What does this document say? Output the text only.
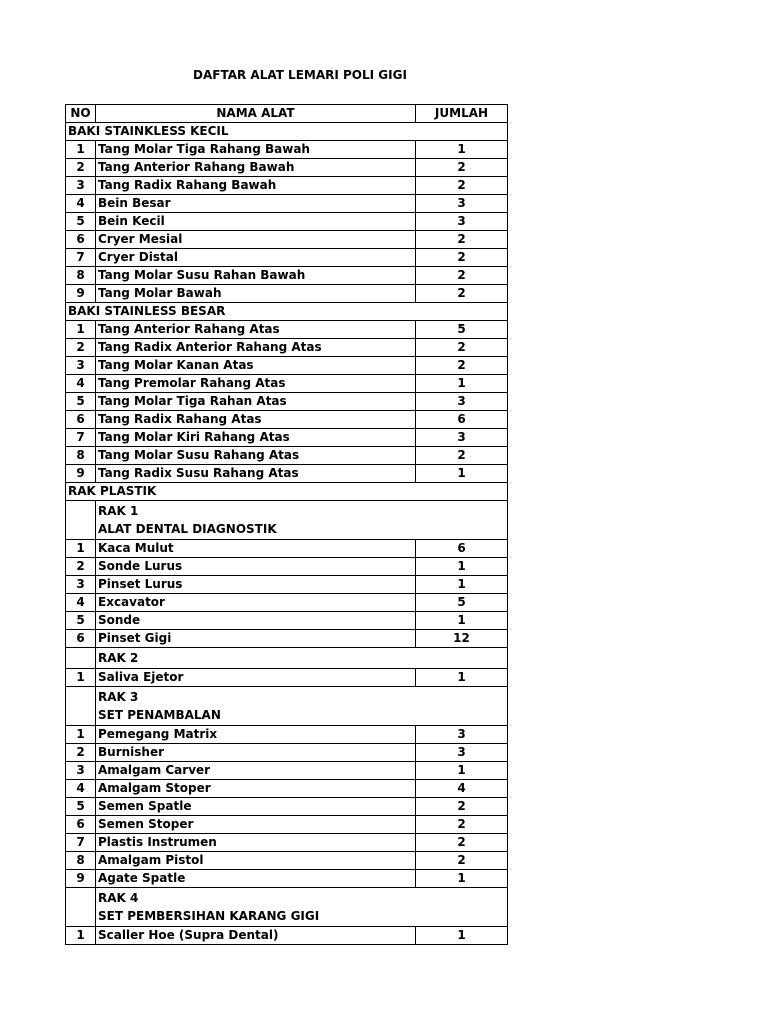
DAFTAR ALAT LEMARI POLI GIGI
NO	NAMA ALAT	JUMLAH
BAKI STAINKLESS KECIL		
1	Tang Molar Tiga Rahang Bawah	1
2	Tang Anterior Rahang Bawah	2
3	Tang Radix Rahang Bawah	2
4	Bein Besar	3
5	Bein Kecil	3
6	Cryer Mesial	2
7	Cryer Distal	2
8	Tang Molar Susu Rahan Bawah	2
9	Tang Molar Bawah	2
BAKI STAINLESS BESAR		
1	Tang Anterior Rahang Atas	5
2	Tang Radix Anterior Rahang Atas	2
3	Tang Molar Kanan Atas	2
4	Tang Premolar Rahang Atas	1
5	Tang Molar Tiga Rahan Atas	3
6	Tang Radix Rahang Atas	6
7	Tang Molar Kiri Rahang Atas	3
8	Tang Molar Susu Rahang Atas	2
9	Tang Radix Susu Rahang Atas	1
RAK PLASTIK		

	RAK 1
ALAT DENTAL DIAGNOSTIK	

1	Kaca Mulut	6
2	Sonde Lurus	1
3	Pinset Lurus	1
4	Excavator	5
5	Sonde	1
6	Pinset Gigi	12

	RAK 2	

1	Saliva Ejetor	1

	RAK 3
SET PENAMBALAN	

1	Pemegang Matrix	3
2	Burnisher	3
3	Amalgam Carver	1
4	Amalgam Stoper	4
5	Semen Spatle	2
6	Semen Stoper	2
7	Plastis Instrumen	2
8	Amalgam Pistol	2
9	Agate Spatle	1

	RAK 4
SET PEMBERSIHAN KARANG GIGI	

1	Scaller Hoe (Supra Dental)	1
